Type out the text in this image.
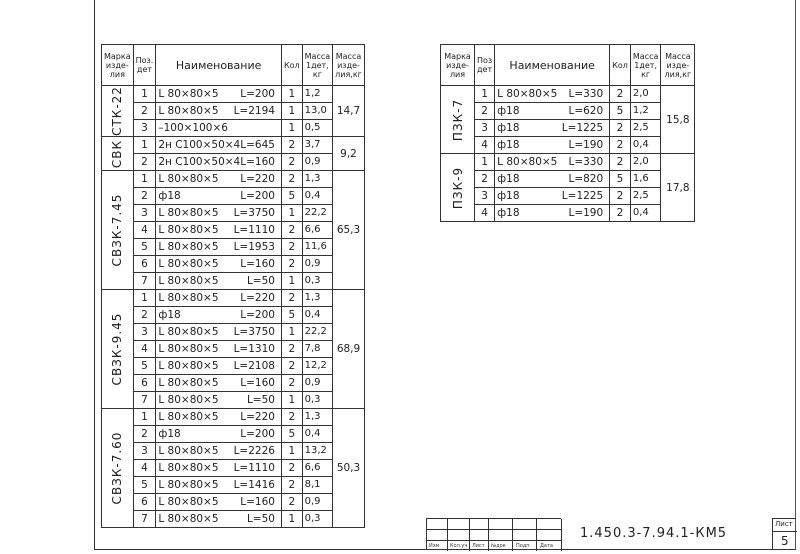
Марка изде-лия	Поз. дет	Наименование	Кол	Масса 1дет, кг	Масса изде-лия,кг

СТК-22	1	L 80×80×5 L=200	1	1,2	14,7
	2	L 80×80×5 L=2194	1	13,0	
	3	–100×100×6	1	0,5	

СВК	1	2н С100×50×4 L=645	2	3,7	9,2
	2	2н С100×50×4 L=160	2	0,9	

СВЗК-7.45	1	L 80×80×5 L=220	2	1,3	65,3
	2	ф18 L=200	5	0,4	
	3	L 80×80×5 L=3750	1	22,2	
	4	L 80×80×5 L=1110	2	6,6	
	5	L 80×80×5 L=1953	2	11,6	
	6	L 80×80×5 L=160	2	0,9	
	7	L 80×80×5 L=50	1	0,3	

СВЗК-9.45	1	L 80×80×5 L=220	2	1,3	68,9
	2	ф18 L=200	5	0,4	
	3	L 80×80×5 L=3750	1	22,2	
	4	L 80×80×5 L=1310	2	7,8	
	5	L 80×80×5 L=2108	2	12,2	
	6	L 80×80×5 L=160	2	0,9	
	7	L 80×80×5 L=50	1	0,3	

СВЗК-7.60	1	L 80×80×5 L=220	2	1,3	50,3
	2	ф18 L=200	5	0,4	
	3	L 80×80×5 L=2226	1	13,2	
	4	L 80×80×5 L=1110	2	6,6	
	5	L 80×80×5 L=1416	2	8,1	
	6	L 80×80×5 L=160	2	0,9	
	7	L 80×80×5 L=50	1	0,3	
Марка изде-лия	Поз дет	Наименование	Кол	Масса 1дет, кг	Масса изде-лия,кг

ПЗК-7	1	L 80×80×5 L=330	2	2,0	15,8
	2	ф18 L=620	5	1,2	
	3	ф18 L=1225	2	2,5	
	4	ф18 L=190	2	0,4	

ПЗК-9	1	L 80×80×5 L=330	2	2,0	17,8
	2	ф18 L=820	5	1,6	
	3	ф18 L=1225	2	2,5	
	4	ф18 L=190	2	0,4	
Изм Кол.уч Лист №док Подп Дата
1.450.3-7.94.1-КМ5
Лист
5
